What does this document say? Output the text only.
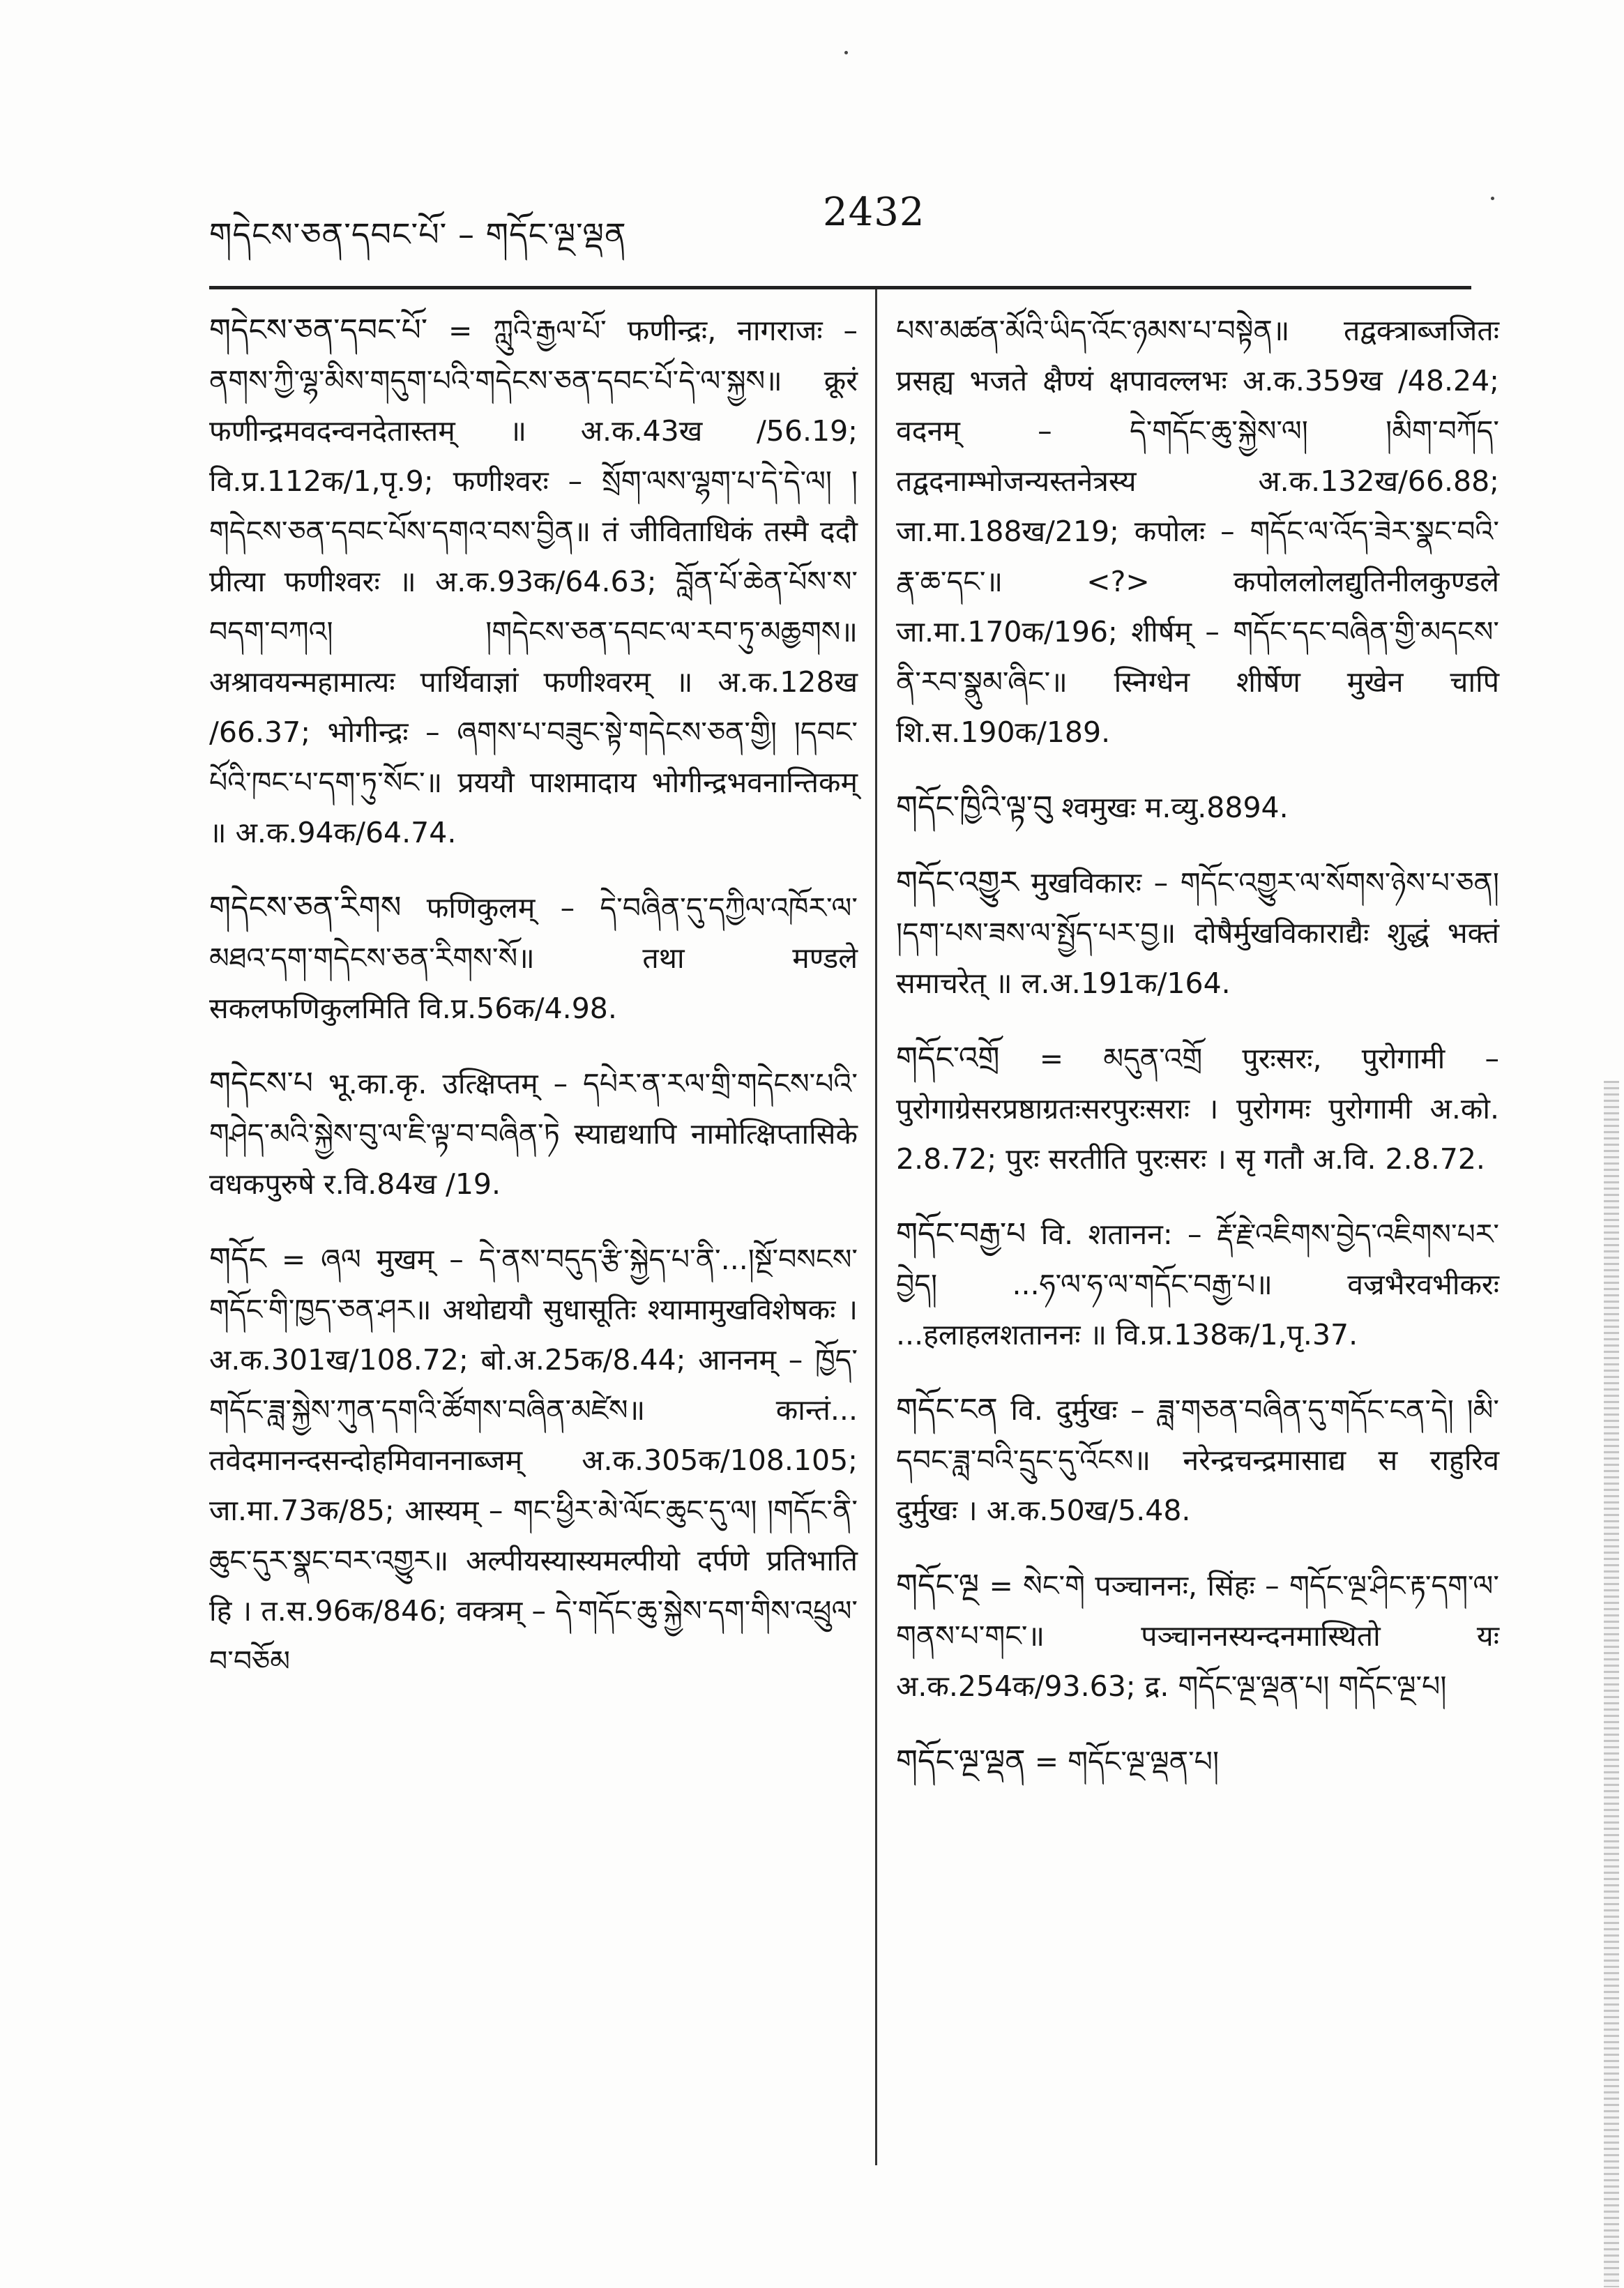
གདེངས་ཅན་དབང་པོ་ – གདོང་ལྔ་ལྡན	2432

གདེངས་ཅན་དབང་པོ་ = ཀླུའི་རྒྱལ་པོ་ फणीन्द्रः, नागराजः – ནགས་ཀྱི་ལྷ་མིས་གདུག་པའི་གདེངས་ཅན་དབང་པོ་དེ་ལ་སྐྱས॥ क्रूरं फणीन्द्रमवदन्वनदेतास्तम् ॥ अ.क.43ख /56.19; वि.प्र.112क/1,पृ.9; फणीश्वरः – སྲོག་ལས་ལྷག་པ་དེ་དེ་ལ། །གདེངས་ཅན་དབང་པོས་དགའ་བས་བྱིན॥ तं जीविताधिकं तस्मै ददौ प्रीत्या फणीश्वरः ॥ अ.क.93क/64.63; བློན་པོ་ཆེན་པོས་ས་བདག་བཀའ། །གདེངས་ཅན་དབང་ལ་རབ་ཏུ་མཆྱགས॥ अश्रावयन्महामात्यः पार्थिवाज्ञां फणीश्वरम् ॥ अ.क.128ख /66.37; भोगीन्द्रः – ཞགས་པ་བཟུང་སྟེ་གདེངས་ཅན་གྱི། །དབང་པོའི་ཁང་པ་དག་ཏུ་སོང་॥ प्रययौ पाशमादाय भोगीन्द्रभवनान्तिकम् ॥ अ.क.94क/64.74.

གདེངས་ཅན་རིགས फणिकुलम् – དེ་བཞིན་དུ་དཀྱིལ་འཁོར་ལ་མཐའ་དག་གདེངས་ཅན་རིགས་སོ॥ तथा मण्डले सकलफणिकुलमिति वि.प्र.56क/4.98.

གདེངས་པ भू.का.कृ. उत्क्षिप्तम् – དཔེར་ན་རལ་གྲི་གདེངས་པའི་གཤེད་མའི་སྐྱེས་བུ་ལ་ཇི་ལྟ་བ་བཞིན་ཏེ स्याद्यथापि नामोत्क्षिप्तासिके वधकपुरुषे र.वि.84ख /19.

གདོང = ཞལ मुखम् – དེ་ནས་བདུད་རྩི་སྐྱེད་པ་ནི་...།སྔོ་བསངས་གདོང་གི་ཁྱད་ཅན་ཤར॥ अथोद्ययौ सुधासूतिः श्यामामुखविशेषकः । अ.क.301ख/108.72; बो.अ.25क/8.44; आननम् – ཁྱོད་གདོང་ཟླ་སྐྱེས་ཀུན་དགའི་ཚོགས་བཞིན་མཛེས॥ कान्तं... तवेदमानन्दसन्दोहमिवाननाब्जम् अ.क.305क/108.105; जा.मा.73क/85; आस्यम् – གང་ཕྱིར་མེ་ལོང་ཆུང་དུ་ལ། །གདོང་ནི་ཆུང་དུར་སྣང་བར་འགྱུར॥ अल्पीयस्यास्यमल्पीयो दर्पणे प्रतिभाति हि । त.स.96क/846; वक्त्रम् – དེ་གདོང་ཆུ་སྐྱེས་དག་གིས་འཕྲུལ་བ་བཅོམ

པས་མཚན་མོའི་ཡིད་འོང་ཉམས་པ་བསྟེན॥ तद्वक्त्राब्जजितः प्रसह्य भजते क्षैण्यं क्षपावल्लभः अ.क.359ख /48.24; वदनम् – དེ་གདོང་ཆུ་སྐྱེས་ལ། །མིག་བཀོད་तद्वदनाम्भोजन्यस्तनेत्रस्य अ.क.132ख/66.88; जा.मा.188ख/219; कपोलः – གདོང་ལ་འོད་ཟེར་སྣང་བའི་རྣ་ཆ་དང་॥ <?> कपोललोलद्युतिनीलकुण्डले जा.मा.170क/196; शीर्षम् – གདོང་དང་བཞིན་གྱི་མདངས་ནི་རབ་སྣུམ་ཞིང་॥ स्निग्धेन शीर्षेण मुखेन चापि शि.स.190क/189.

གདོང་ཁྱིའི་ལྟ་བུ श्वमुखः म.व्यु.8894.

གདོང་འགྱུར मुखविकारः – གདོང་འགྱུར་ལ་སོགས་ཉེས་པ་ཅན། །དག་པས་ཟས་ལ་སྤྱོད་པར་བྱ॥ दोषैर्मुखविकाराद्यैः शुद्धं भक्तं समाचरेत् ॥ ल.अ.191क/164.

གདོང་འགྲོ = མདུན་འགྲོ पुरःसरः, पुरोगामी – पुरोगाग्रेसरप्रष्ठाग्रतःसरपुरःसराः । पुरोगमः पुरोगामी अ.को. 2.8.72; पुरः सरतीति पुरःसरः । सृ गतौ अ.वि. 2.8.72.

གདོང་བརྒྱ་པ वि. शतानन: – རྡོ་རྗེ་འཇིགས་བྱེད་འཇིགས་པར་བྱེད། ...ཧ་ལ་ཧ་ལ་གདོང་བརྒྱ་པ॥ वज्रभैरवभीकरः ...हलाहलशताननः ॥ वि.प्र.138क/1,पृ.37.

གདོང་ངན वि. दुर्मुखः – ཟླ་གཅན་བཞིན་དུ་གདོང་ངན་དེ། །མི་དབང་ཟླ་བའི་དྲུང་དུ་འོངས॥ नरेन्द्रचन्द्रमासाद्य स राहुरिव दुर्मुखः । अ.क.50ख/5.48.

གདོང་ལྔ = སེང་གེ पञ्चाननः, सिंहः – གདོང་ལྔ་ཤིང་རྟ་དག་ལ་གནས་པ་གང་॥ पञ्चाननस्यन्दनमास्थितो यः अ.क.254क/93.63; द्र. གདོང་ལྔ་ལྡན་པ། གདོང་ལྔ་པ།

གདོང་ལྔ་ལྡན = གདོང་ལྔ་ལྡན་པ།
